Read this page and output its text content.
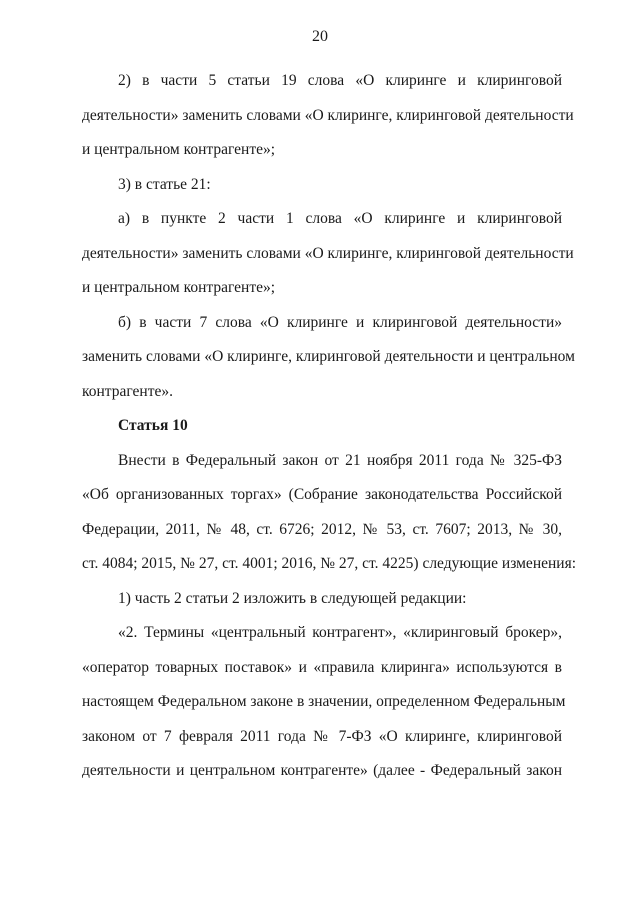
20

2) в части 5 статьи 19 слова «О клиринге и клиринговой
деятельности» заменить словами «О клиринге, клиринговой деятельности
и центральном контрагенте»;

3) в статье 21:

а) в пункте 2 части 1 слова «О клиринге и клиринговой
деятельности» заменить словами «О клиринге, клиринговой деятельности
и центральном контрагенте»;

б) в части 7 слова «О клиринге и клиринговой деятельности»
заменить словами «О клиринге, клиринговой деятельности и центральном
контрагенте».

Статья 10

Внести в Федеральный закон от 21 ноября 2011 года № 325-ФЗ
«Об организованных торгах» (Собрание законодательства Российской
Федерации, 2011, № 48, ст. 6726; 2012, № 53, ст. 7607; 2013, № 30,
ст. 4084; 2015, № 27, ст. 4001; 2016, № 27, ст. 4225) следующие изменения:

1) часть 2 статьи 2 изложить в следующей редакции:

«2. Термины «центральный контрагент», «клиринговый брокер»,
«оператор товарных поставок» и «правила клиринга» используются в
настоящем Федеральном законе в значении, определенном Федеральным
законом от 7 февраля 2011 года № 7-ФЗ «О клиринге, клиринговой
деятельности и центральном контрагенте» (далее - Федеральный закон
